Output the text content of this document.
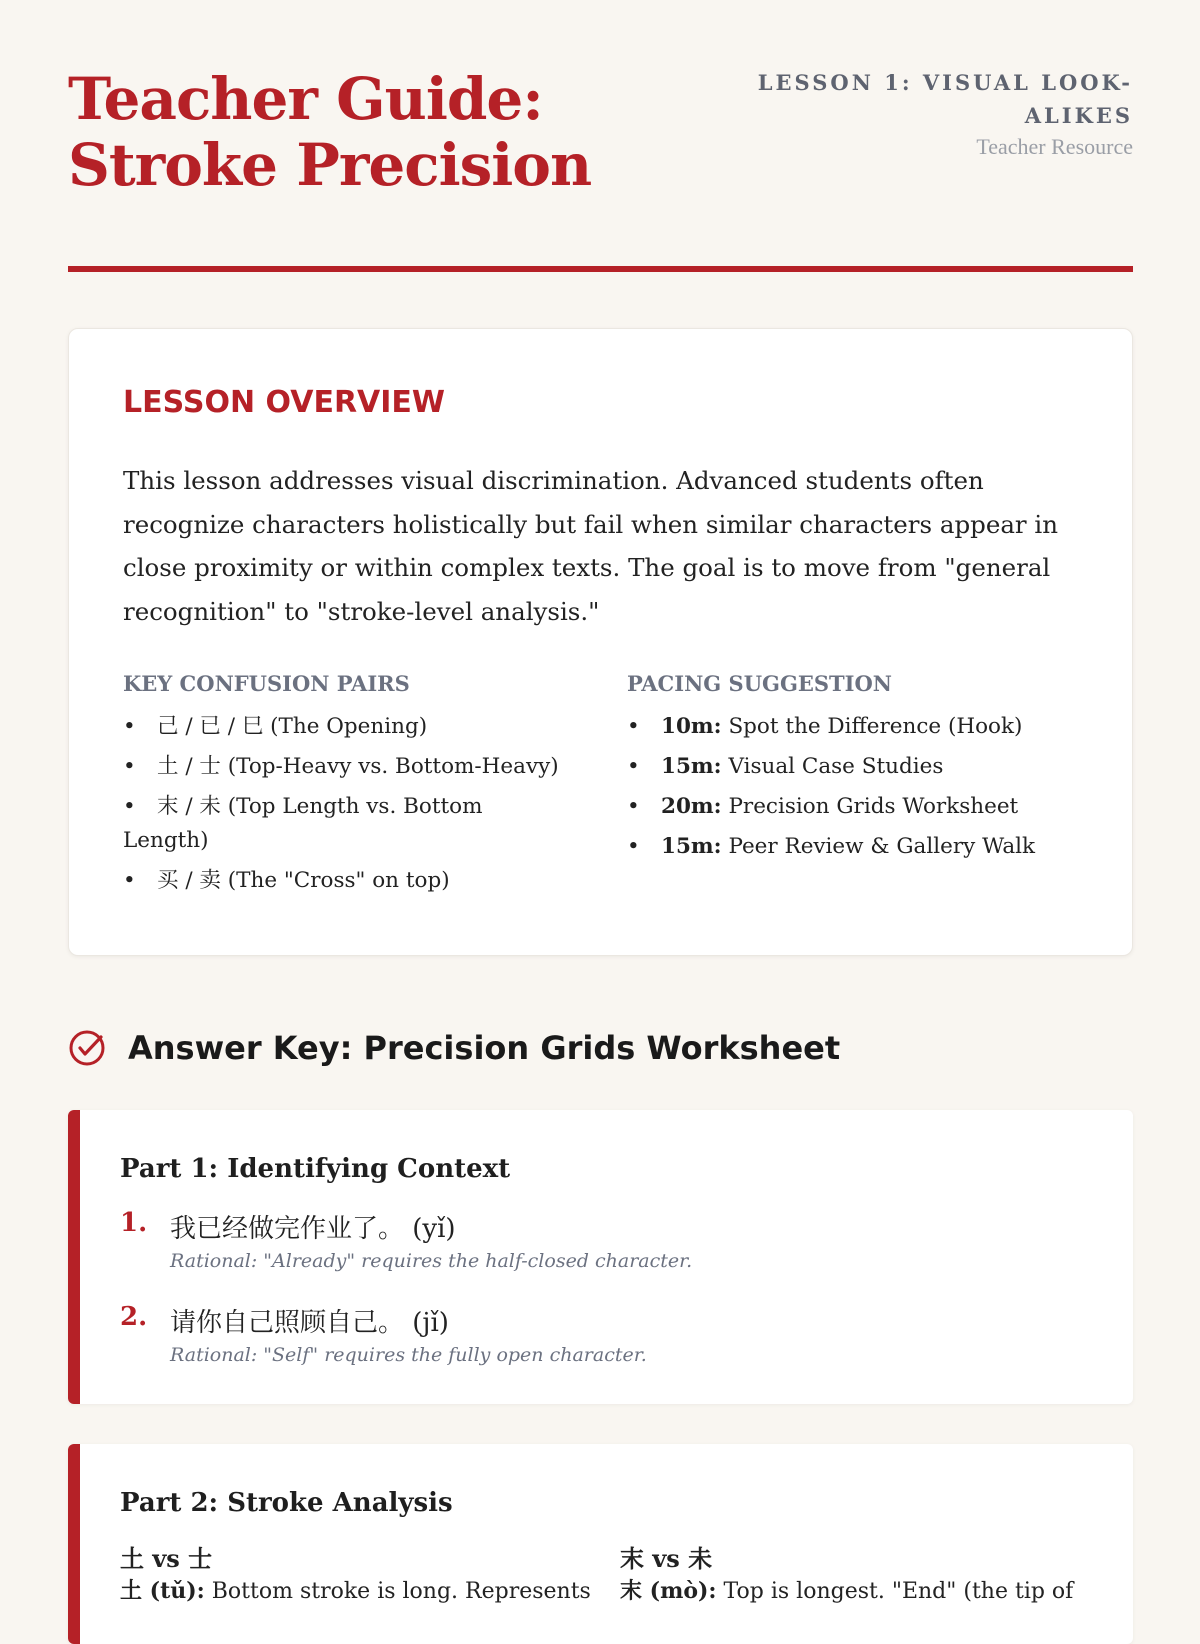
Teacher Guide: Stroke Precision
LESSON 1: VISUAL LOOK-ALIKES
Teacher Resource
LESSON OVERVIEW

This lesson addresses visual discrimination. Advanced students often recognize characters holistically but fail when similar characters appear in close proximity or within complex texts. The goal is to move from "general recognition" to "stroke-level analysis."

KEY CONFUSION PAIRS
• 己 / 已 / 巳 (The Opening)
• 土 / 士 (Top-Heavy vs. Bottom-Heavy)
• 末 / 未 (Top Length vs. Bottom Length)
• 买 / 卖 (The "Cross" on top)
PACING SUGGESTION
• 10m: Spot the Difference (Hook)
• 15m: Visual Case Studies
• 20m: Precision Grids Worksheet
• 15m: Peer Review & Gallery Walk
Answer Key: Precision Grids Worksheet
Part 1: Identifying Context
1. 我已经做完作业了。 (yǐ)
Rational: "Already" requires the half-closed character.
2. 请你自己照顾自己。 (jǐ)
Rational: "Self" requires the fully open character.
Part 2: Stroke Analysis
土 vs 士
土 (tǔ): Bottom stroke is long. Represents
末 vs 未
末 (mò): Top is longest. "End" (the tip of
